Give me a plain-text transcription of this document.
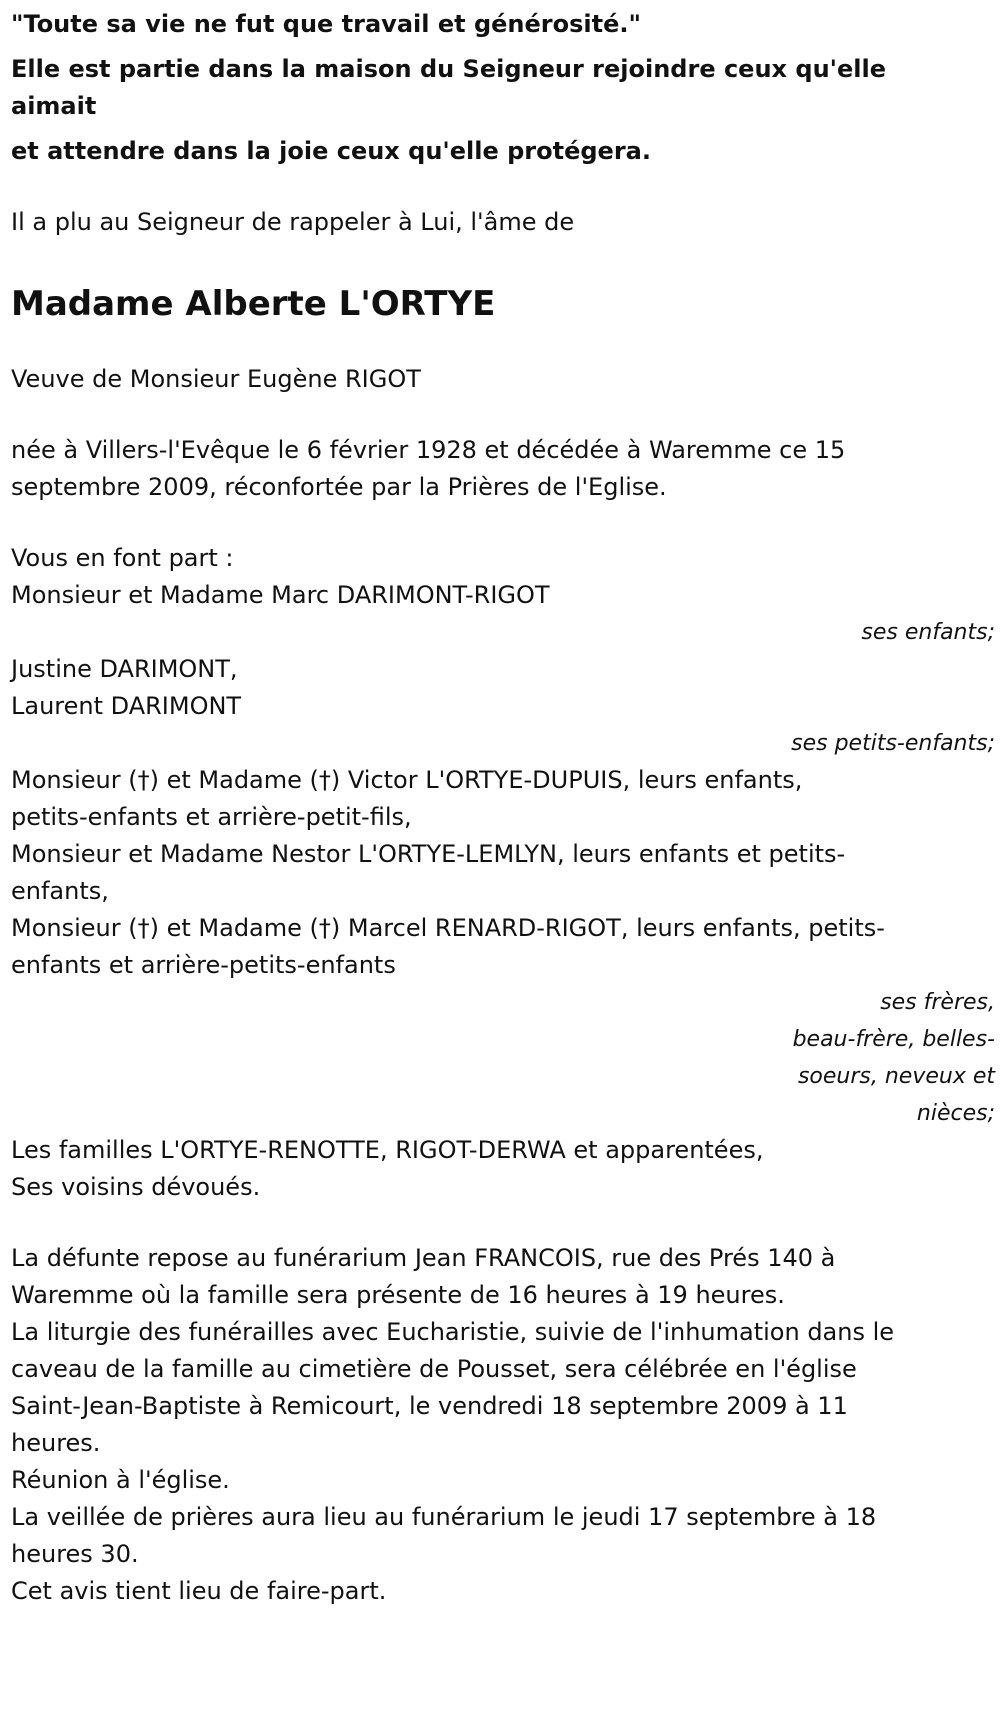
"Toute sa vie ne fut que travail et générosité."

Elle est partie dans la maison du Seigneur rejoindre ceux qu'elle

aimait

et attendre dans la joie ceux qu'elle protégera.

Il a plu au Seigneur de rappeler à Lui, l'âme de

Madame Alberte L'ORTYE

Veuve de Monsieur Eugène RIGOT

née à Villers-l'Evêque le 6 février 1928 et décédée à Waremme ce 15

septembre 2009, réconfortée par la Prières de l'Eglise.

Vous en font part :

Monsieur et Madame Marc DARIMONT-RIGOT

ses enfants;

Justine DARIMONT,

Laurent DARIMONT

ses petits-enfants;

Monsieur (†) et Madame (†) Victor L'ORTYE-DUPUIS, leurs enfants,

petits-enfants et arrière-petit-fils,

Monsieur et Madame Nestor L'ORTYE-LEMLYN, leurs enfants et petits-

enfants,

Monsieur (†) et Madame (†) Marcel RENARD-RIGOT, leurs enfants, petits-

enfants et arrière-petits-enfants

ses frères,

beau-frère, belles-

soeurs, neveux et

nièces;

Les familles L'ORTYE-RENOTTE, RIGOT-DERWA et apparentées,

Ses voisins dévoués.

La défunte repose au funérarium Jean FRANCOIS, rue des Prés 140 à

Waremme où la famille sera présente de 16 heures à 19 heures.

La liturgie des funérailles avec Eucharistie, suivie de l'inhumation dans le

caveau de la famille au cimetière de Pousset, sera célébrée en l'église

Saint-Jean-Baptiste à Remicourt, le vendredi 18 septembre 2009 à 11

heures.

Réunion à l'église.

La veillée de prières aura lieu au funérarium le jeudi 17 septembre à 18

heures 30.

Cet avis tient lieu de faire-part.
